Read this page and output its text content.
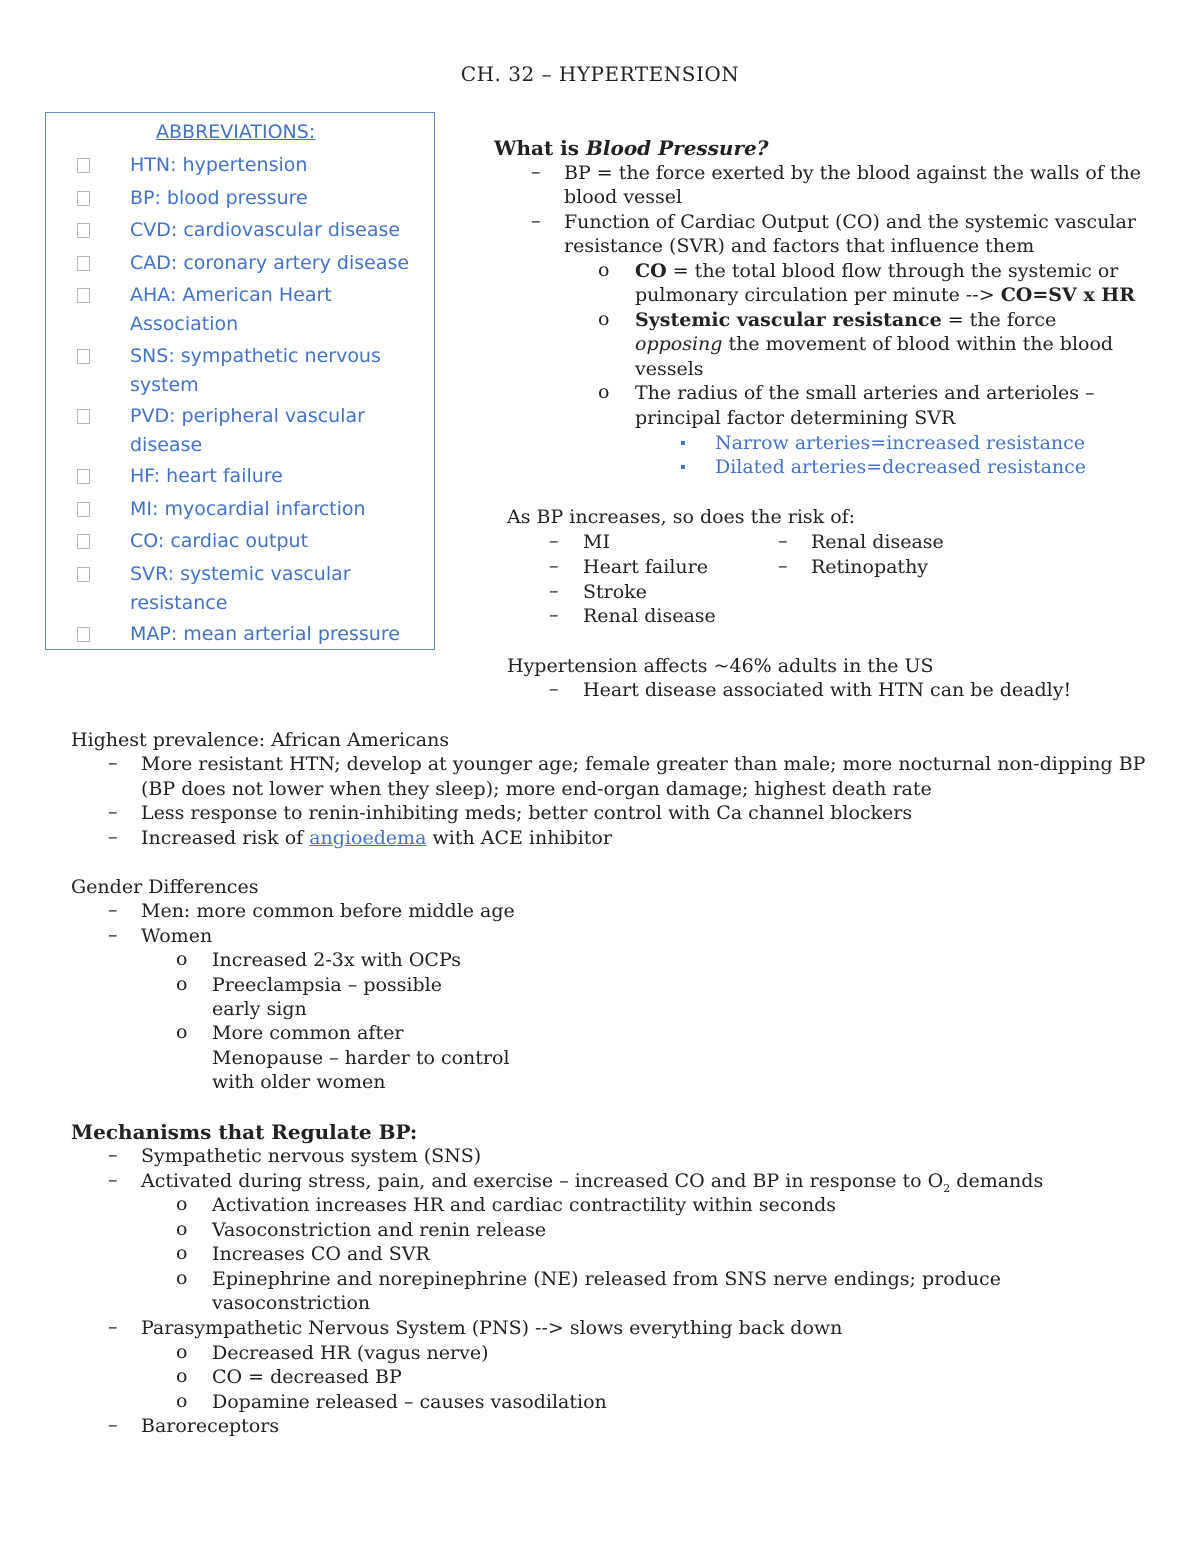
CH. 32 – HYPERTENSION
ABBREVIATIONS:
HTN: hypertension
BP: blood pressure
CVD: cardiovascular disease
CAD: coronary artery disease
AHA: American Heart Association
SNS: sympathetic nervous system
PVD: peripheral vascular disease
HF: heart failure
MI: myocardial infarction
CO: cardiac output
SVR: systemic vascular resistance
MAP: mean arterial pressure
What is Blood Pressure?
– BP = the force exerted by the blood against the walls of the
blood vessel
– Function of Cardiac Output (CO) and the systemic vascular
resistance (SVR) and factors that influence them
o CO = the total blood flow through the systemic or
pulmonary circulation per minute --> CO=SV x HR
o Systemic vascular resistance = the force
opposing the movement of blood within the blood
vessels
o The radius of the small arteries and arterioles –
principal factor determining SVR
Narrow arteries=increased resistance
Dilated arteries=decreased resistance
As BP increases, so does the risk of:
– MI
– Heart failure
– Stroke
– Renal disease
– Renal disease
– Retinopathy
Hypertension affects ~46% adults in the US
– Heart disease associated with HTN can be deadly!
Highest prevalence: African Americans
– More resistant HTN; develop at younger age; female greater than male; more nocturnal non-dipping BP
(BP does not lower when they sleep); more end-organ damage; highest death rate
– Less response to renin-inhibiting meds; better control with Ca channel blockers
– Increased risk of angioedema with ACE inhibitor
Gender Differences
– Men: more common before middle age
– Women
o Increased 2-3x with OCPs
o Preeclampsia – possible
early sign
o More common after
Menopause – harder to control
with older women
Mechanisms that Regulate BP:
– Sympathetic nervous system (SNS)
– Activated during stress, pain, and exercise – increased CO and BP in response to $O_2$ demands
o Activation increases HR and cardiac contractility within seconds
o Vasoconstriction and renin release
o Increases CO and SVR
o Epinephrine and norepinephrine (NE) released from SNS nerve endings; produce
vasoconstriction
– Parasympathetic Nervous System (PNS) --> slows everything back down
o Decreased HR (vagus nerve)
o CO = decreased BP
o Dopamine released – causes vasodilation
– Baroreceptors
